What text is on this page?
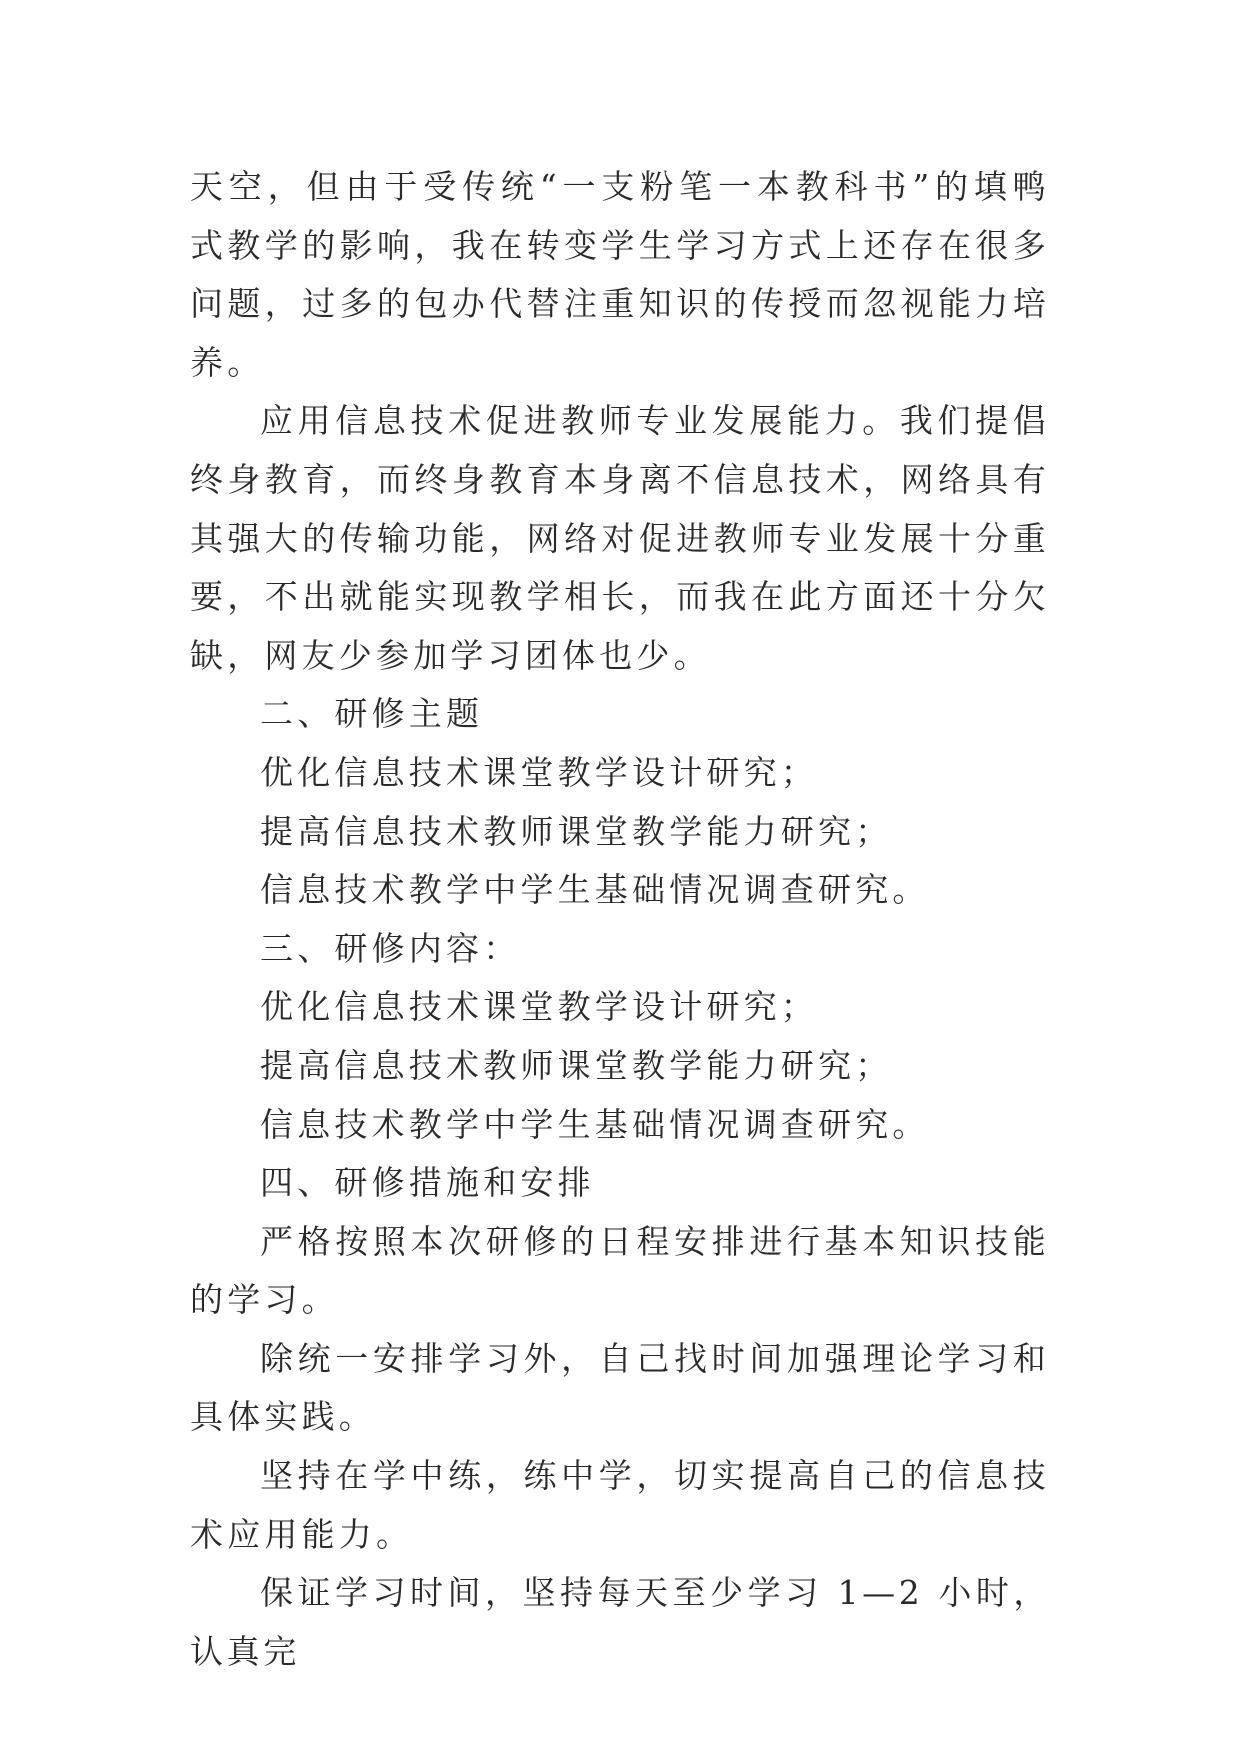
天空，但由于受传统“一支粉笔一本教科书”的填鸭式教学的影响，我在转变学生学习方式上还存在很多问题，过多的包办代替注重知识的传授而忽视能力培养。

应用信息技术促进教师专业发展能力。我们提倡终身教育，而终身教育本身离不信息技术，网络具有其强大的传输功能，网络对促进教师专业发展十分重要，不出就能实现教学相长，而我在此方面还十分欠缺，网友少参加学习团体也少。

二、研修主题

优化信息技术课堂教学设计研究；

提高信息技术教师课堂教学能力研究；

信息技术教学中学生基础情况调查研究。

三、研修内容：

优化信息技术课堂教学设计研究；

提高信息技术教师课堂教学能力研究；

信息技术教学中学生基础情况调查研究。

四、研修措施和安排

严格按照本次研修的日程安排进行基本知识技能的学习。

除统一安排学习外，自己找时间加强理论学习和具体实践。

坚持在学中练，练中学，切实提高自己的信息技术应用能力。

保证学习时间，坚持每天至少学习 1—2 小时，认真完
